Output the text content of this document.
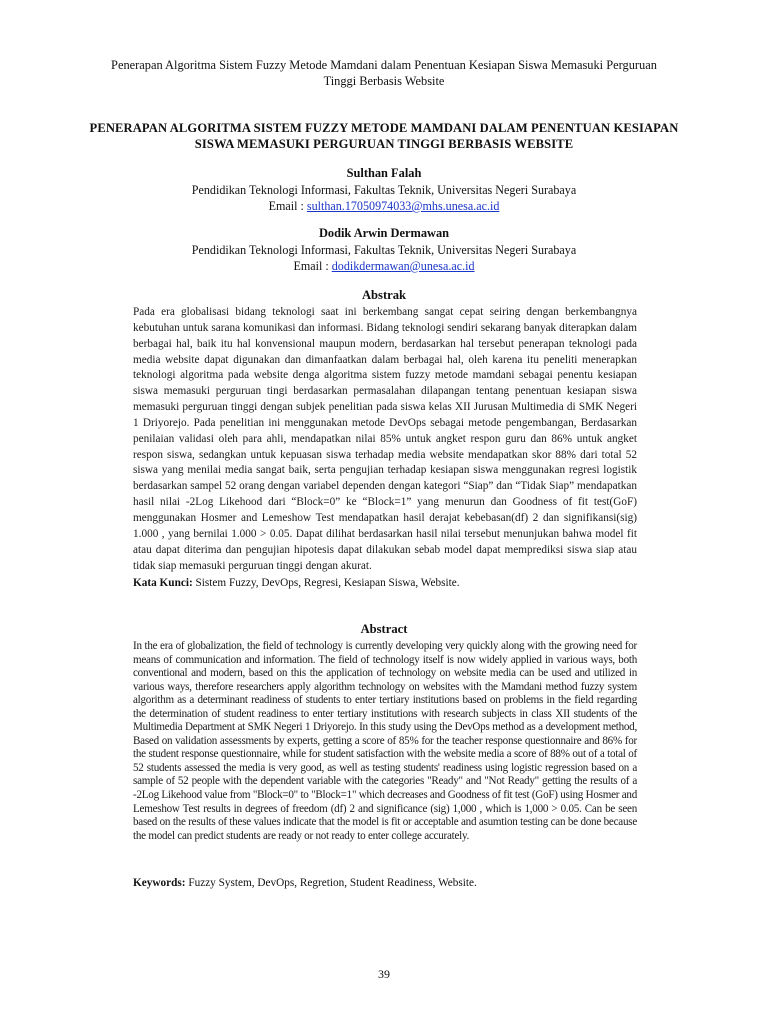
Penerapan Algoritma Sistem Fuzzy Metode Mamdani dalam Penentuan Kesiapan Siswa Memasuki Perguruan Tinggi Berbasis Website
PENERAPAN ALGORITMA SISTEM FUZZY METODE MAMDANI DALAM PENENTUAN KESIAPAN SISWA MEMASUKI PERGURUAN TINGGI BERBASIS WEBSITE
Sulthan Falah
Pendidikan Teknologi Informasi, Fakultas Teknik, Universitas Negeri Surabaya
Email : sulthan.17050974033@mhs.unesa.ac.id
Dodik Arwin Dermawan
Pendidikan Teknologi Informasi, Fakultas Teknik, Universitas Negeri Surabaya
Email : dodikdermawan@unesa.ac.id
Abstrak
Pada era globalisasi bidang teknologi saat ini berkembang sangat cepat seiring dengan berkembangnya kebutuhan untuk sarana komunikasi dan informasi. Bidang teknologi sendiri sekarang banyak diterapkan dalam berbagai hal, baik itu hal konvensional maupun modern, berdasarkan hal tersebut penerapan teknologi pada media website dapat digunakan dan dimanfaatkan dalam berbagai hal, oleh karena itu peneliti menerapkan teknologi algoritma pada website denga algoritma sistem fuzzy metode mamdani sebagai penentu kesiapan siswa memasuki perguruan tingi berdasarkan permasalahan dilapangan tentang penentuan kesiapan siswa memasuki perguruan tinggi dengan subjek penelitian pada siswa kelas XII Jurusan Multimedia di SMK Negeri 1 Driyorejo. Pada penelitian ini menggunakan metode DevOps sebagai metode pengembangan, Berdasarkan penilaian validasi oleh para ahli, mendapatkan nilai 85% untuk angket respon guru dan 86% untuk angket respon siswa, sedangkan untuk kepuasan siswa terhadap media website mendapatkan skor 88% dari total 52 siswa yang menilai media sangat baik, serta pengujian terhadap kesiapan siswa menggunakan regresi logistik berdasarkan sampel 52 orang dengan variabel dependen dengan kategori “Siap” dan “Tidak Siap” mendapatkan hasil nilai -2Log Likehood dari “Block=0” ke “Block=1” yang menurun dan Goodness of fit test(GoF) menggunakan Hosmer and Lemeshow Test mendapatkan hasil derajat kebebasan(df) 2 dan signifikansi(sig) 1.000 , yang bernilai 1.000 > 0.05. Dapat dilihat berdasarkan hasil nilai tersebut menunjukan bahwa model fit atau dapat diterima dan pengujian hipotesis dapat dilakukan sebab model dapat memprediksi siswa siap atau tidak siap memasuki perguruan tinggi dengan akurat.
Kata Kunci: Sistem Fuzzy, DevOps, Regresi, Kesiapan Siswa, Website.
Abstract
In the era of globalization, the field of technology is currently developing very quickly along with the growing need for means of communication and information. The field of technology itself is now widely applied in various ways, both conventional and modern, based on this the application of technology on website media can be used and utilized in various ways, therefore researchers apply algorithm technology on websites with the Mamdani method fuzzy system algorithm as a determinant readiness of students to enter tertiary institutions based on problems in the field regarding the determination of student readiness to enter tertiary institutions with research subjects in class XII students of the Multimedia Department at SMK Negeri 1 Driyorejo. In this study using the DevOps method as a development method, Based on validation assessments by experts, getting a score of 85% for the teacher response questionnaire and 86% for the student response questionnaire, while for student satisfaction with the website media a score of 88% out of a total of 52 students assessed the media is very good, as well as testing students' readiness using logistic regression based on a sample of 52 people with the dependent variable with the categories "Ready" and "Not Ready" getting the results of a -2Log Likehood value from "Block=0" to "Block=1" which decreases and Goodness of fit test (GoF) using Hosmer and Lemeshow Test results in degrees of freedom (df) 2 and significance (sig) 1,000 , which is 1,000 > 0.05. Can be seen based on the results of these values indicate that the model is fit or acceptable and asumtion testing can be done because the model can predict students are ready or not ready to enter college accurately.
Keywords: Fuzzy System, DevOps, Regretion, Student Readiness, Website.
39
